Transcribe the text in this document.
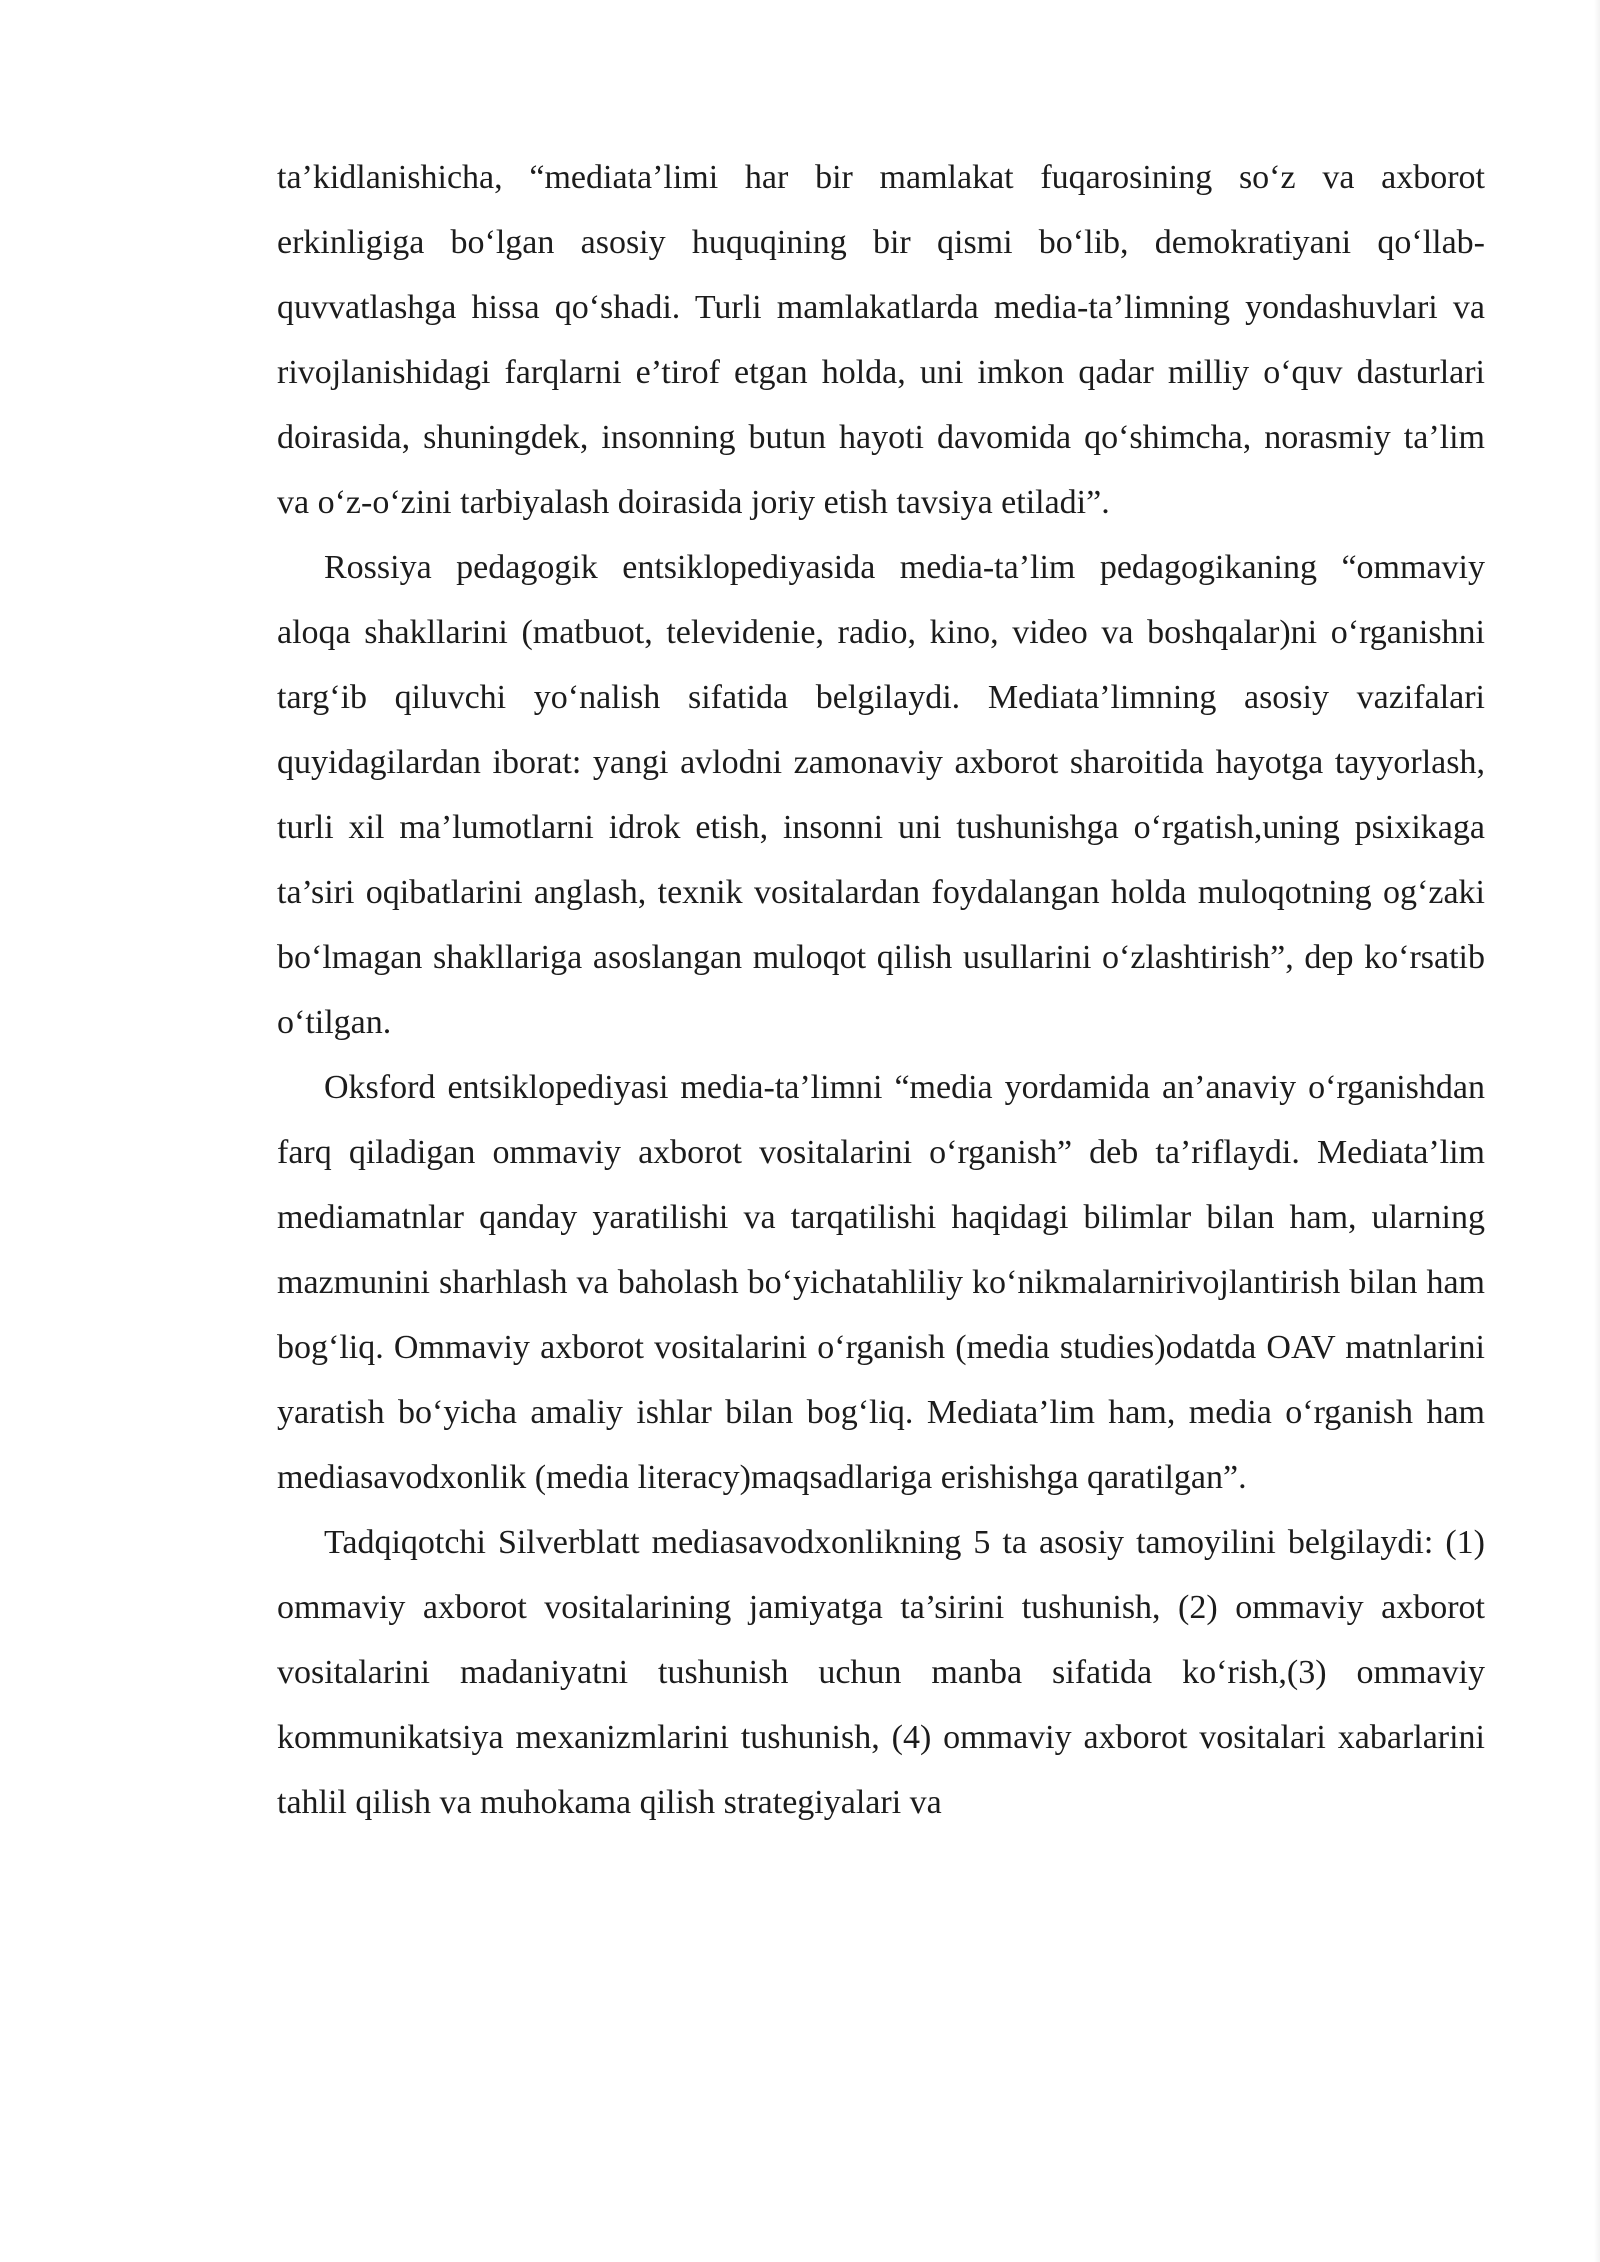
ta’kidlanishicha, “mediata’limi har bir mamlakat fuqarosining so‘z va axborot erkinligiga bo‘lgan asosiy huquqining bir qismi bo‘lib, demokratiyani qo‘llab-quvvatlashga hissa qo‘shadi. Turli mamlakatlarda media-ta’limning yondashuvlari va rivojlanishidagi farqlarni e’tirof etgan holda, uni imkon qadar milliy o‘quv dasturlari doirasida, shuningdek, insonning butun hayoti davomida qo‘shimcha, norasmiy ta’lim va o‘z-o‘zini tarbiyalash doirasida joriy etish tavsiya etiladi”.

Rossiya pedagogik entsiklopediyasida media-ta’lim pedagogikaning “ommaviy aloqa shakllarini (matbuot, televidenie, radio, kino, video va boshqalar)ni o‘rganishni targ‘ib qiluvchi yo‘nalish sifatida belgilaydi. Mediata’limning asosiy vazifalari quyidagilardan iborat: yangi avlodni zamonaviy axborot sharoitida hayotga tayyorlash, turli xil ma’lumotlarni idrok etish, insonni uni tushunishga o‘rgatish,uning psixikaga ta’siri oqibatlarini anglash, texnik vositalardan foydalangan holda muloqotning og‘zaki bo‘lmagan shakllariga asoslangan muloqot qilish usullarini o‘zlashtirish”, dep ko‘rsatib o‘tilgan.

Oksford entsiklopediyasi media-ta’limni “media yordamida an’anaviy o‘rganishdan farq qiladigan ommaviy axborot vositalarini o‘rganish” deb ta’riflaydi. Mediata’lim mediamatnlar qanday yaratilishi va tarqatilishi haqidagi bilimlar bilan ham, ularning mazmunini sharhlash va baholash bo‘yichatahliliy ko‘nikmalarnirivojlantirish bilan ham bog‘liq. Ommaviy axborot vositalarini o‘rganish (media studies)odatda OAV matnlarini yaratish bo‘yicha amaliy ishlar bilan bog‘liq. Mediata’lim ham, media o‘rganish ham mediasavodxonlik (media literacy)maqsadlariga erishishga qaratilgan”.

Tadqiqotchi Silverblatt mediasavodxonlikning 5 ta asosiy tamoyilini belgilaydi: (1) ommaviy axborot vositalarining jamiyatga ta’sirini tushunish, (2) ommaviy axborot vositalarini madaniyatni tushunish uchun manba sifatida ko‘rish,(3) ommaviy kommunikatsiya mexanizmlarini tushunish, (4) ommaviy axborot vositalari xabarlarini tahlil qilish va muhokama qilish strategiyalari va
